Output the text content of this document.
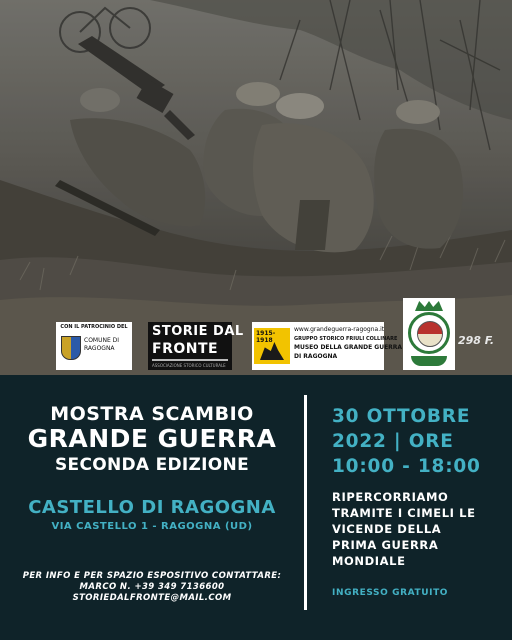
CON IL PATROCINIO DEL
COMUNE DI RAGOGNA
STORIE DAL
FRONTE
ASSOCIAZIONE STORICO CULTURALE
1915-1918
www.grandeguerra-ragogna.it
GRUPPO STORICO FRIULI COLLINARE
MUSEO DELLA GRANDE GUERRA
DI RAGOGNA
298 F.
MOSTRA SCAMBIO
GRANDE GUERRA
SECONDA EDIZIONE
CASTELLO DI RAGOGNA
VIA CASTELLO 1 - RAGOGNA (UD)
PER INFO E PER SPAZIO ESPOSITIVO CONTATTARE:
MARCO N. +39 349 7136600
STORIEDALFRONTE@MAIL.COM
30 OTTOBRE
2022 | ORE
10:00 - 18:00
RIPERCORRIAMO
TRAMITE I CIMELI LE
VICENDE DELLA
PRIMA GUERRA
MONDIALE
INGRESSO GRATUITO
